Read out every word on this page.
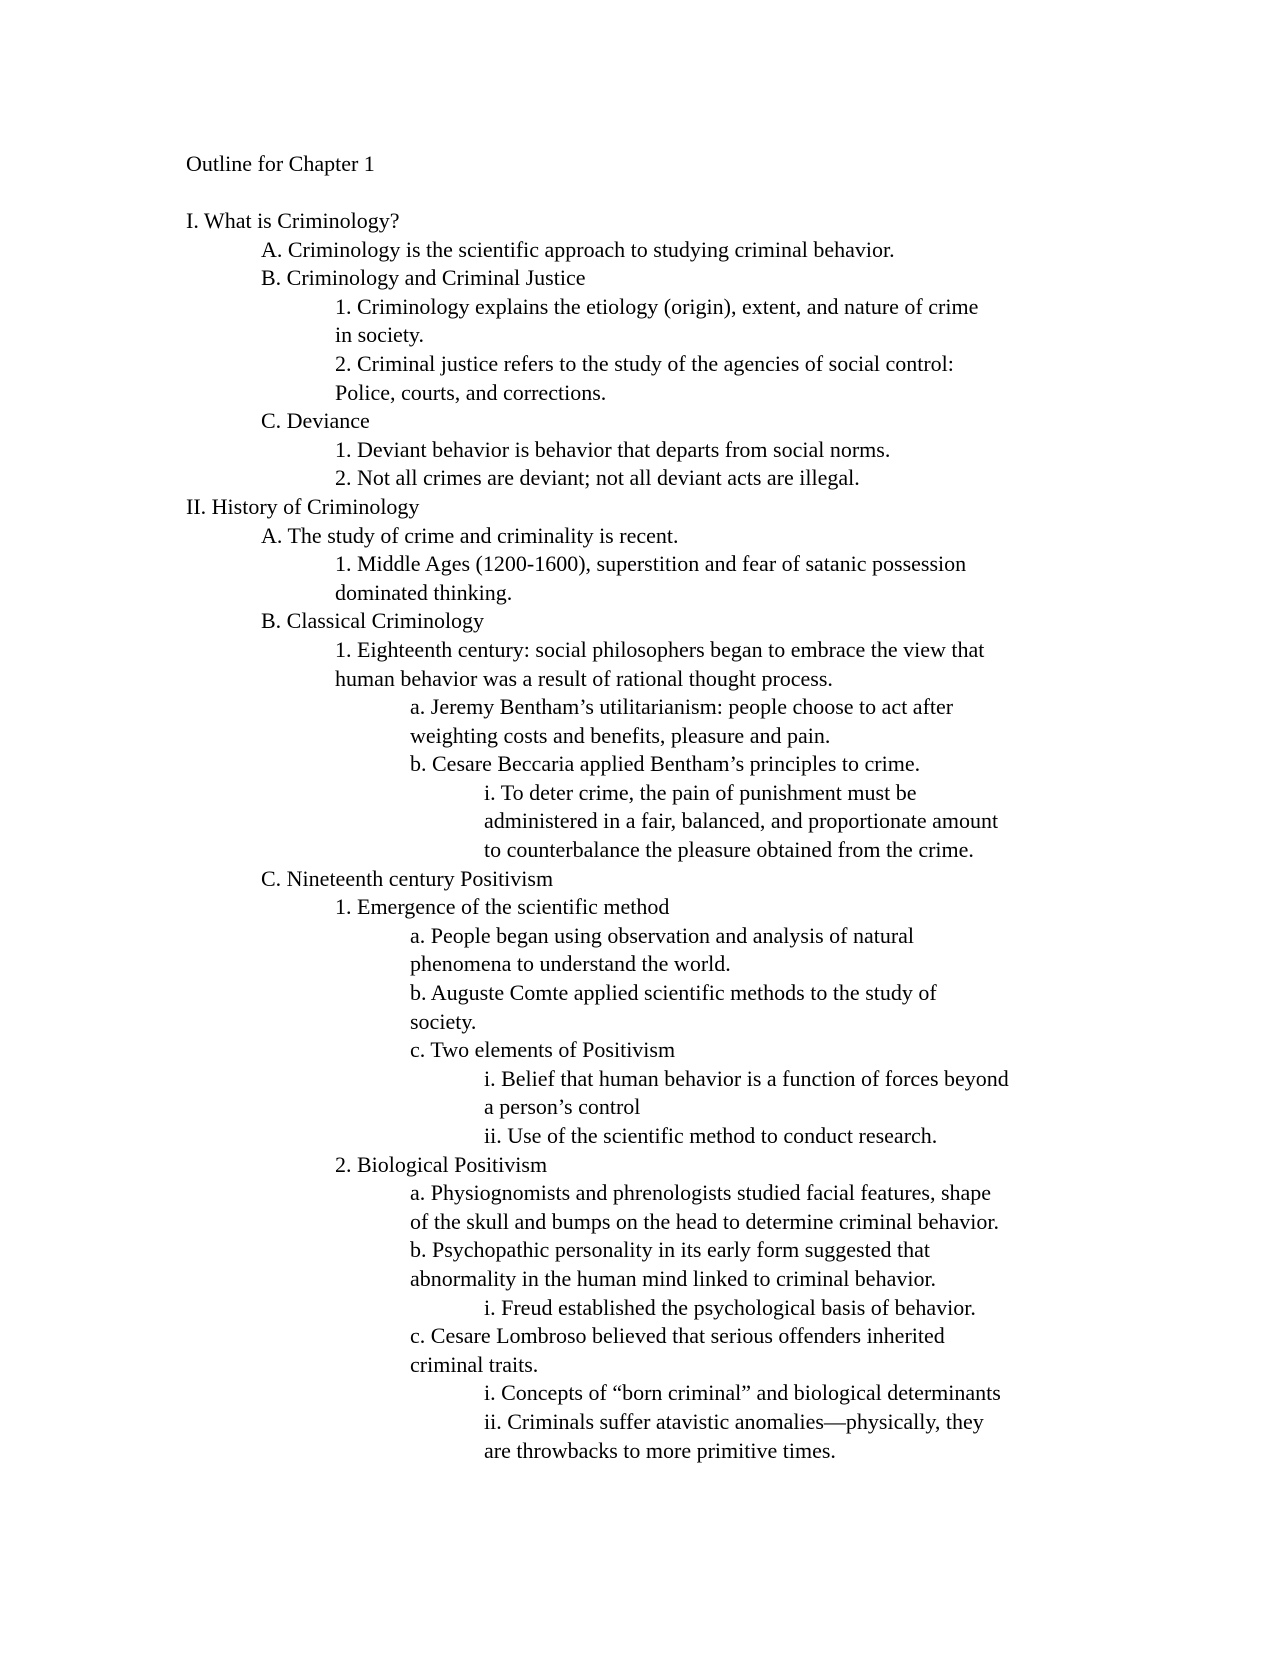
Outline for Chapter 1
I. What is Criminology?
A. Criminology is the scientific approach to studying criminal behavior.
B. Criminology and Criminal Justice
1. Criminology explains the etiology (origin), extent, and nature of crime
in society.
2. Criminal justice refers to the study of the agencies of social control:
Police, courts, and corrections.
C. Deviance
1. Deviant behavior is behavior that departs from social norms.
2. Not all crimes are deviant; not all deviant acts are illegal.
II. History of Criminology
A. The study of crime and criminality is recent.
1. Middle Ages (1200-1600), superstition and fear of satanic possession
dominated thinking.
B. Classical Criminology
1. Eighteenth century: social philosophers began to embrace the view that
human behavior was a result of rational thought process.
a. Jeremy Bentham’s utilitarianism: people choose to act after
weighting costs and benefits, pleasure and pain.
b. Cesare Beccaria applied Bentham’s principles to crime.
i. To deter crime, the pain of punishment must be
administered in a fair, balanced, and proportionate amount
to counterbalance the pleasure obtained from the crime.
C. Nineteenth century Positivism
1. Emergence of the scientific method
a. People began using observation and analysis of natural
phenomena to understand the world.
b. Auguste Comte applied scientific methods to the study of
society.
c. Two elements of Positivism
i. Belief that human behavior is a function of forces beyond
a person’s control
ii. Use of the scientific method to conduct research.
2. Biological Positivism
a. Physiognomists and phrenologists studied facial features, shape
of the skull and bumps on the head to determine criminal behavior.
b. Psychopathic personality in its early form suggested that
abnormality in the human mind linked to criminal behavior.
i. Freud established the psychological basis of behavior.
c. Cesare Lombroso believed that serious offenders inherited
criminal traits.
i. Concepts of “born criminal” and biological determinants
ii. Criminals suffer atavistic anomalies—physically, they
are throwbacks to more primitive times.
